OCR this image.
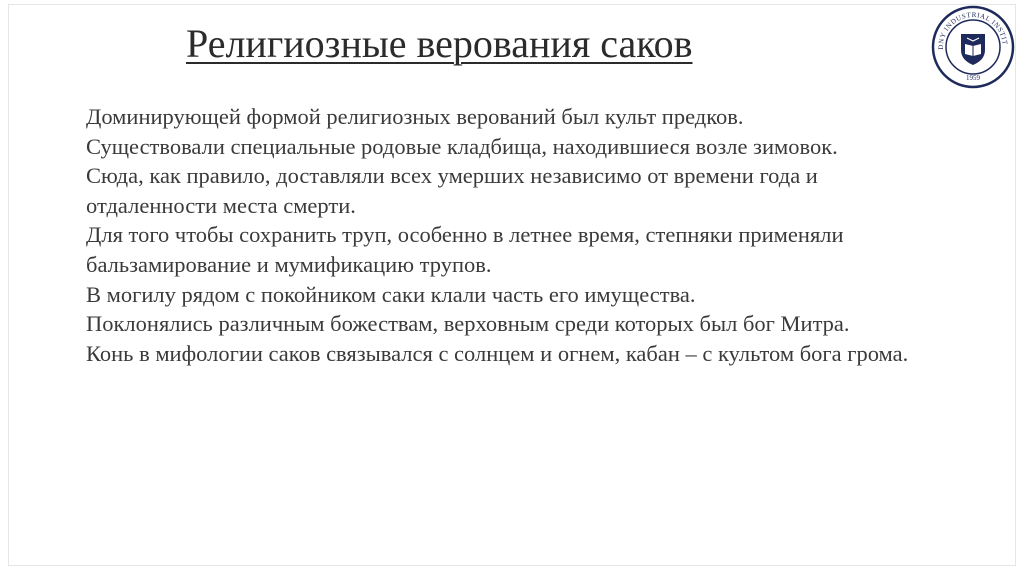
Религиозные верования саков

Доминирующей формой религиозных верований был культ предков.

Существовали специальные родовые кладбища, находившиеся возле зимовок.

Сюда, как правило, доставляли всех умерших независимо от времени года и отдаленности места смерти.

Для того чтобы сохранить труп, особенно в летнее время, степняки применяли бальзамирование и мумификацию трупов.

В могилу рядом с покойником саки клали часть его имущества.

Поклонялись различным божествам, верховным среди которых был бог Митра.

Конь в мифологии саков связывался с солнцем и огнем, кабан – с культом бога грома.

DNY INDUSTRIAL INSTIT
1959
